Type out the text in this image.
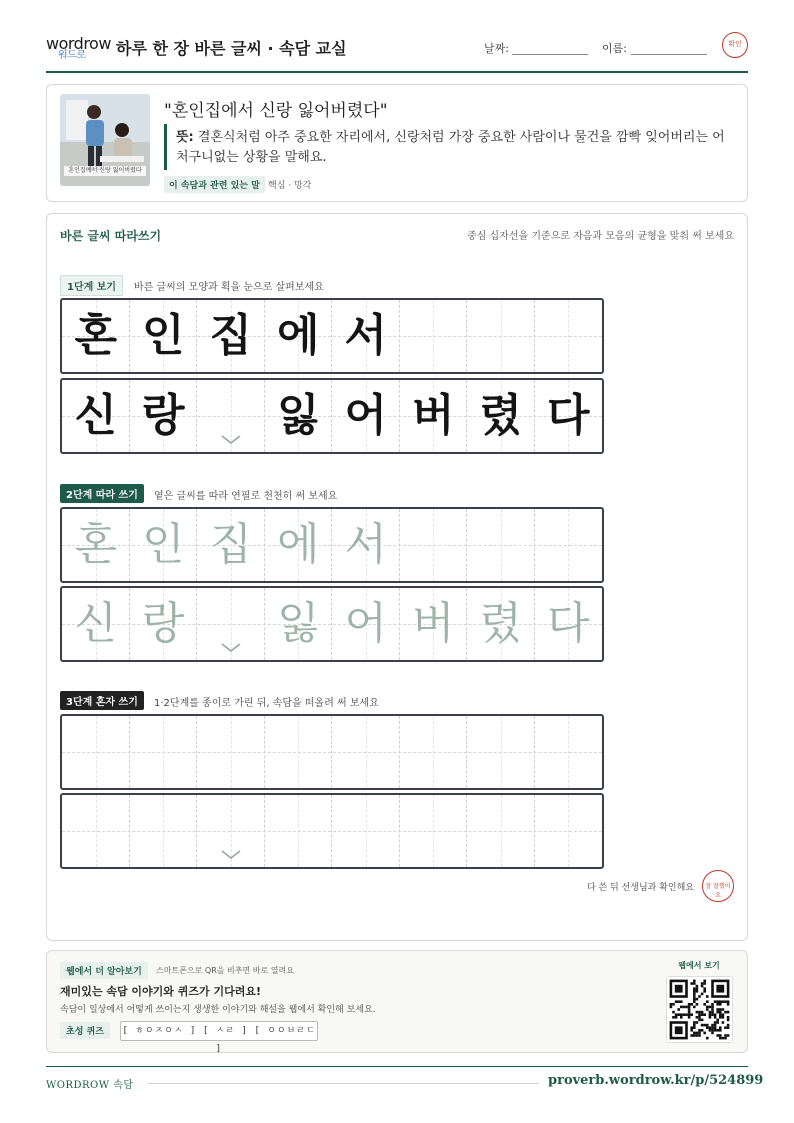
wordrow
워드로 하루 한 장 바른 글씨 · 속담 교실	날짜:	이름:	확인
혼인집에서 신랑 잃어버렸다
"혼인집에서 신랑 잃어버렸다"
뜻: 결혼식처럼 아주 중요한 자리에서, 신랑처럼 가장 중요한 사람이나 물건을 깜빡 잊어버리는 어처구니없는 상황을 말해요.
이 속담과 관련 있는 말 핵심 · 망각
바른 글씨 따라쓰기	중심 십자선을 기준으로 자음과 모음의 균형을 맞춰 써 보세요
1단계 보기	바른 글씨의 모양과 획을 눈으로 살펴보세요
2단계 따라 쓰기	옅은 글씨를 따라 연필로 천천히 써 보세요
3단계 혼자 쓰기	1·2단계를 종이로 가린 뒤, 속담을 떠올려 써 보세요
혼 인 집 에 서
신 랑 잃 어 버 렸 다
혼 인 집 에 서
신 랑 잃 어 버 렸 다
다 쓴 뒤 선생님과 확인해요	참 잘했어요
웹에서 더 알아보기	스마트폰으로 QR을 비추면 바로 열려요
재미있는 속담 이야기와 퀴즈가 기다려요!
속담이 일상에서 어떻게 쓰이는지 생생한 이야기와 해설을 웹에서 확인해 보세요.
초성 퀴즈	[ ㅎㅇㅈㅇㅅ ] [ ㅅㄹ ] [ ㅇㅇㅂㄹㄷ ]
웹에서 보기
WORDROW 속담	proverb.wordrow.kr/p/524899
